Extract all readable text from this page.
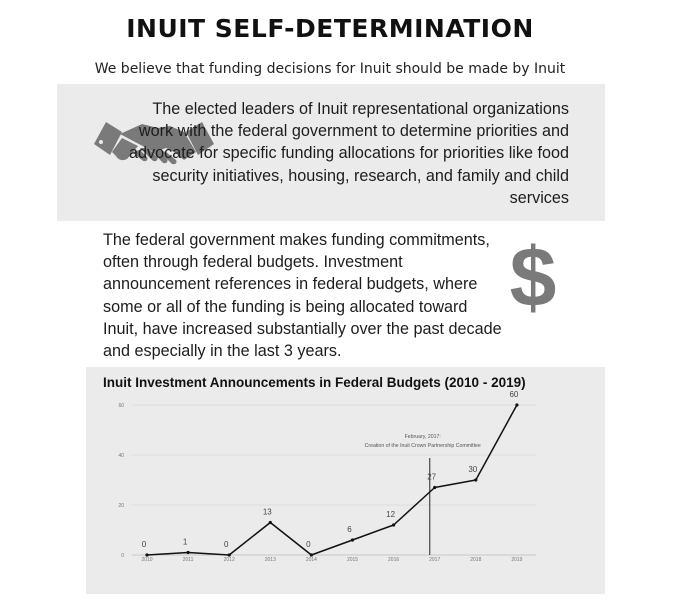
INUIT SELF-DETERMINATION
We believe that funding decisions for Inuit should be made by Inuit
The elected leaders of Inuit representational organizations work with the federal government to determine priorities and advocate for specific funding allocations for priorities like food security initiatives, housing, research, and family and child services
The federal government makes funding commitments, often through federal budgets. Investment announcement references in federal budgets, where some or all of the funding is being allocated toward Inuit, have increased substantially over the past decade and especially in the last 3 years.
$
Inuit Investment Announcements in Federal Budgets (2010 - 2019)
February, 2017:
Creation of the Inuit Crown Partnership Committee
0
20
40
60
2010	2011	2012	2013	2014	2015	2016	2017	2018	2019
0	1	0
13
0
6
12
27
30
60
